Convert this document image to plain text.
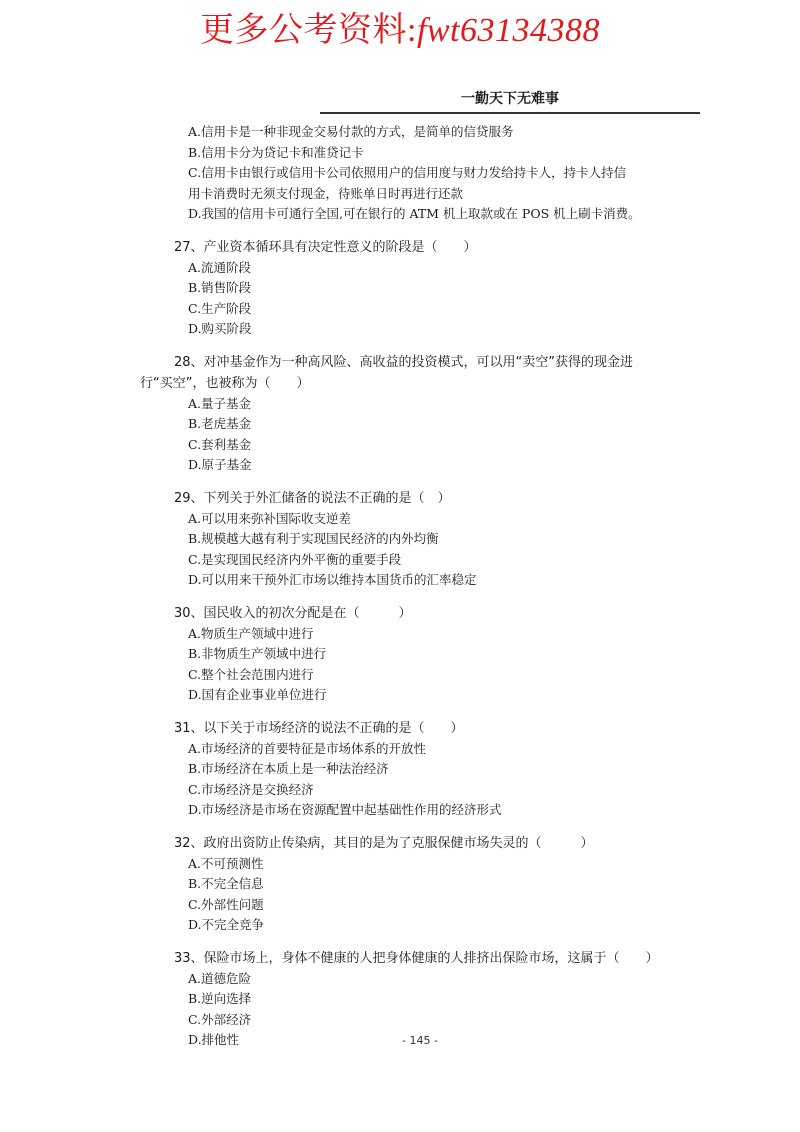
更多公考资料:fwt63134388
一勤天下无难事
A.信用卡是一种非现金交易付款的方式，是简单的信贷服务
B.信用卡分为贷记卡和准贷记卡
C.信用卡由银行或信用卡公司依照用户的信用度与财力发给持卡人，持卡人持信
用卡消费时无须支付现金，待账单日时再进行还款
D.我国的信用卡可通行全国,可在银行的 ATM 机上取款或在 POS 机上刷卡消费。
27、产业资本循环具有决定性意义的阶段是（　　）
A.流通阶段
B.销售阶段
C.生产阶段
D.购买阶段
28、对冲基金作为一种高风险、高收益的投资模式，可以用“卖空”获得的现金进
行“买空”，也被称为（　　）
A.量子基金
B.老虎基金
C.套利基金
D.原子基金
29、下列关于外汇储备的说法不正确的是（　）
A.可以用来弥补国际收支逆差
B.规模越大越有利于实现国民经济的内外均衡
C.是实现国民经济内外平衡的重要手段
D.可以用来干预外汇市场以维持本国货币的汇率稳定
30、国民收入的初次分配是在（　　　）
A.物质生产领域中进行
B.非物质生产领域中进行
C.整个社会范围内进行
D.国有企业事业单位进行
31、以下关于市场经济的说法不正确的是（　　）
A.市场经济的首要特征是市场体系的开放性
B.市场经济在本质上是一种法治经济
C.市场经济是交换经济
D.市场经济是市场在资源配置中起基础性作用的经济形式
32、政府出资防止传染病，其目的是为了克服保健市场失灵的（　　　）
A.不可预测性
B.不完全信息
C.外部性问题
D.不完全竞争
33、保险市场上，身体不健康的人把身体健康的人排挤出保险市场，这属于（　　）
A.道德危险
B.逆向选择
C.外部经济
D.排他性	- 145 -
